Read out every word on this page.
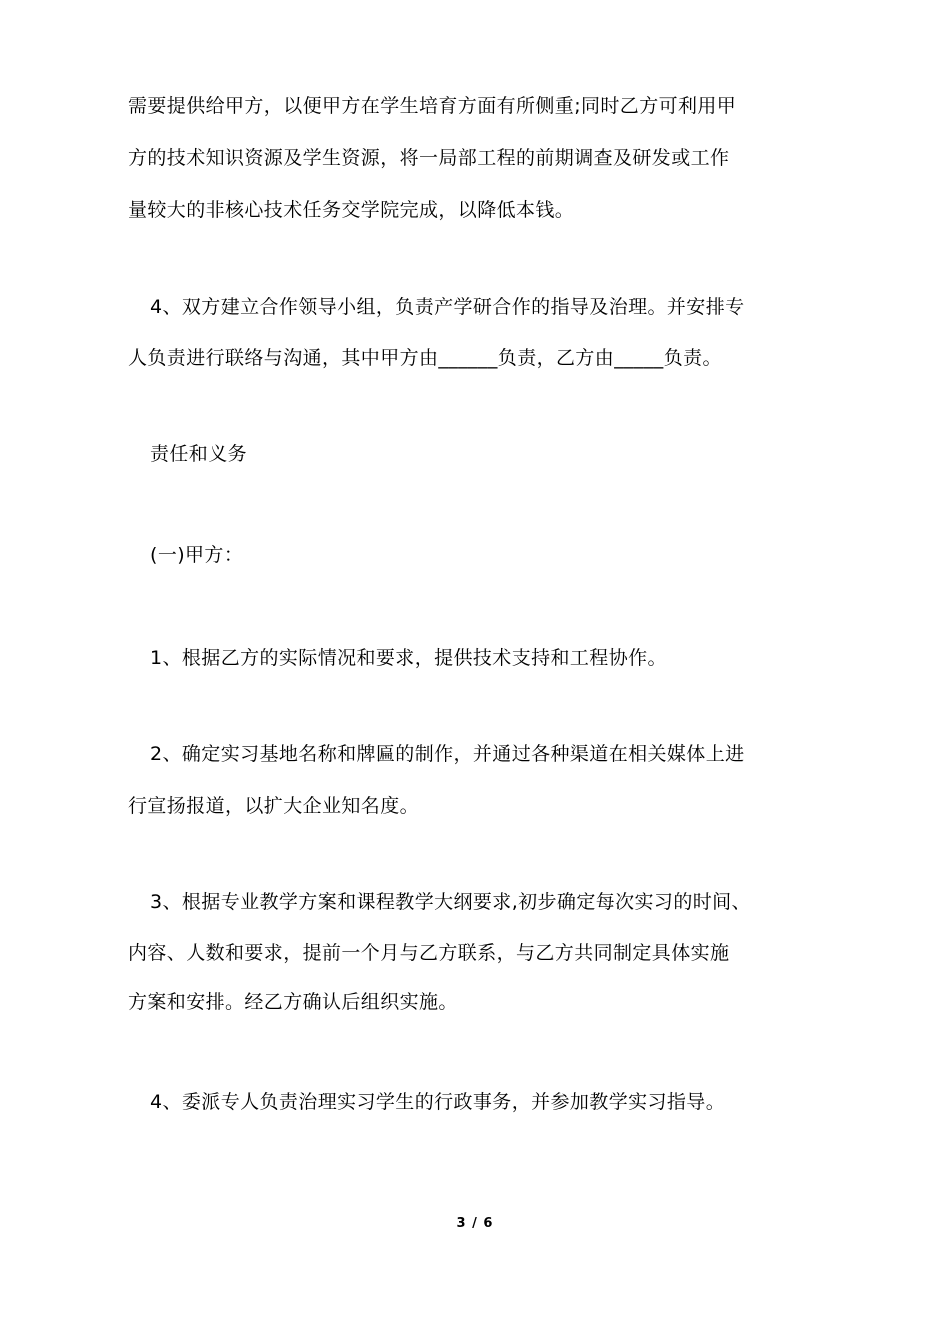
需要提供给甲方，以便甲方在学生培育方面有所侧重;同时乙方可利用甲
方的技术知识资源及学生资源，将一局部工程的前期调查及研发或工作
量较大的非核心技术任务交学院完成，以降低本钱。
4、双方建立合作领导小组，负责产学研合作的指导及治理。并安排专
人负责进行联络与沟通，其中甲方由______负责，乙方由_____负责。
责任和义务
(一)甲方：
1、根据乙方的实际情况和要求，提供技术支持和工程协作。
2、确定实习基地名称和牌匾的制作，并通过各种渠道在相关媒体上进
行宣扬报道，以扩大企业知名度。
3、根据专业教学方案和课程教学大纲要求,初步确定每次实习的时间、
内容、人数和要求，提前一个月与乙方联系，与乙方共同制定具体实施
方案和安排。经乙方确认后组织实施。
4、委派专人负责治理实习学生的行政事务，并参加教学实习指导。
3 / 6
